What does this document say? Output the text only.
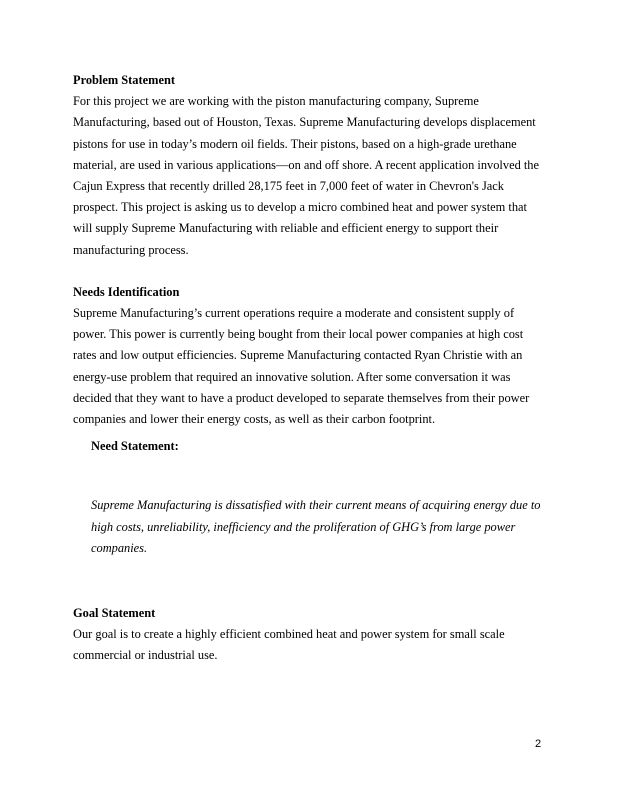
Problem Statement

For this project we are working with the piston manufacturing company, Supreme Manufacturing, based out of Houston, Texas. Supreme Manufacturing develops displacement pistons for use in today’s modern oil fields. Their pistons, based on a high-grade urethane material, are used in various applications—on and off shore. A recent application involved the Cajun Express that recently drilled 28,175 feet in 7,000 feet of water in Chevron's Jack prospect. This project is asking us to develop a micro combined heat and power system that will supply Supreme Manufacturing with reliable and efficient energy to support their manufacturing process.

Needs Identification

Supreme Manufacturing’s current operations require a moderate and consistent supply of power. This power is currently being bought from their local power companies at high cost rates and low output efficiencies. Supreme Manufacturing contacted Ryan Christie with an energy-use problem that required an innovative solution. After some conversation it was decided that they want to have a product developed to separate themselves from their power companies and lower their energy costs, as well as their carbon footprint.

Need Statement:

Supreme Manufacturing is dissatisfied with their current means of acquiring energy due to high costs, unreliability, inefficiency and the proliferation of GHG’s from large power companies.

Goal Statement

Our goal is to create a highly efficient combined heat and power system for small scale commercial or industrial use.

2
